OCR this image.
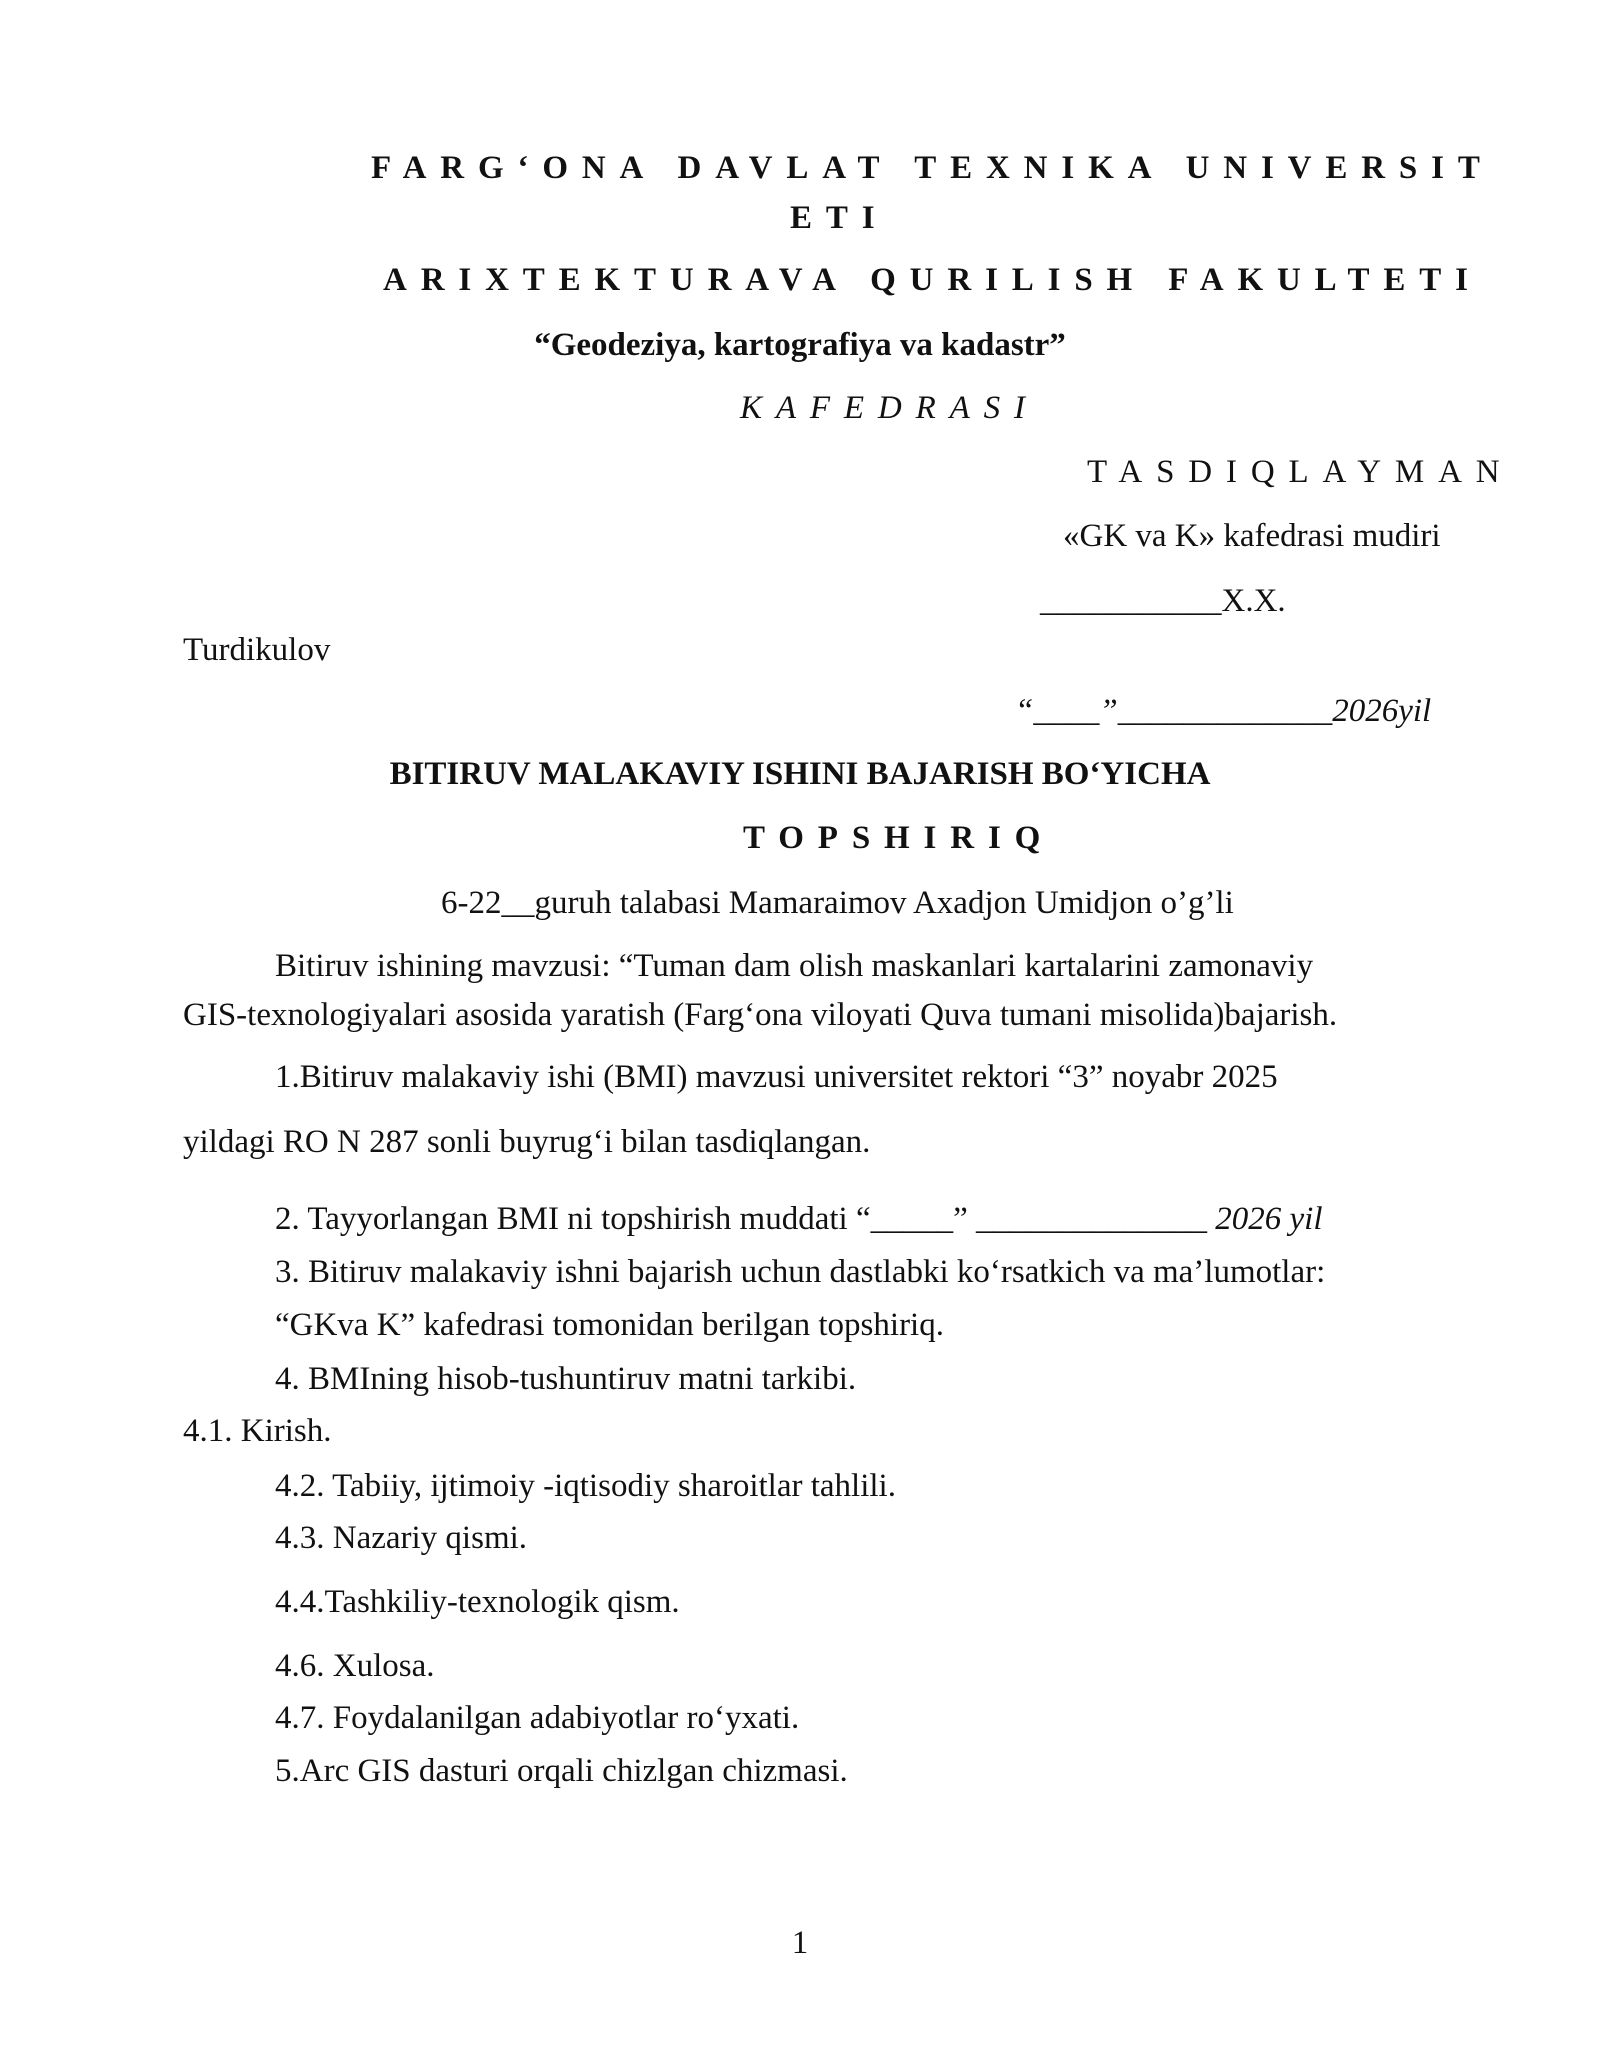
FARG‘ONA DAVLAT TEXNIKA UNIVERSIT
ETI
ARIXTEKTURAVA QURILISH FAKULTETI
“Geodeziya, kartografiya va kadastr”
KAFEDRASI
TASDIQLAYMAN
«GK va K» kafedrasi mudiri
___________X.X.
Turdikulov
“____”_____________2026yil
BITIRUV MALAKAVIY ISHINI BAJARISH BO‘YICHA
TOPSHIRIQ
6-22__guruh talabasi Mamaraimov Axadjon Umidjon o’g’li
Bitiruv ishining mavzusi: “Tuman dam olish maskanlari kartalarini zamonaviy
GIS-texnologiyalari asosida yaratish (Farg‘ona viloyati Quva tumani misolida)bajarish.
1.Bitiruv malakaviy ishi (BMI) mavzusi universitet rektori “3” noyabr 2025
yildagi RO N 287 sonli buyrug‘i bilan tasdiqlangan.
2. Tayyorlangan BMI ni topshirish muddati “_____” ______________ 2026 yil
3. Bitiruv malakaviy ishni bajarish uchun dastlabki ko‘rsatkich va ma’lumotlar:
“GKva K” kafedrasi tomonidan berilgan topshiriq.
4. BMIning hisob-tushuntiruv matni tarkibi.
4.1. Kirish.
4.2. Tabiiy, ijtimoiy -iqtisodiy sharoitlar tahlili.
4.3. Nazariy qismi.
4.4.Tashkiliy-texnologik qism.
4.6. Xulosa.
4.7. Foydalanilgan adabiyotlar ro‘yxati.
5.Arc GIS dasturi orqali chizlgan chizmasi.
1
